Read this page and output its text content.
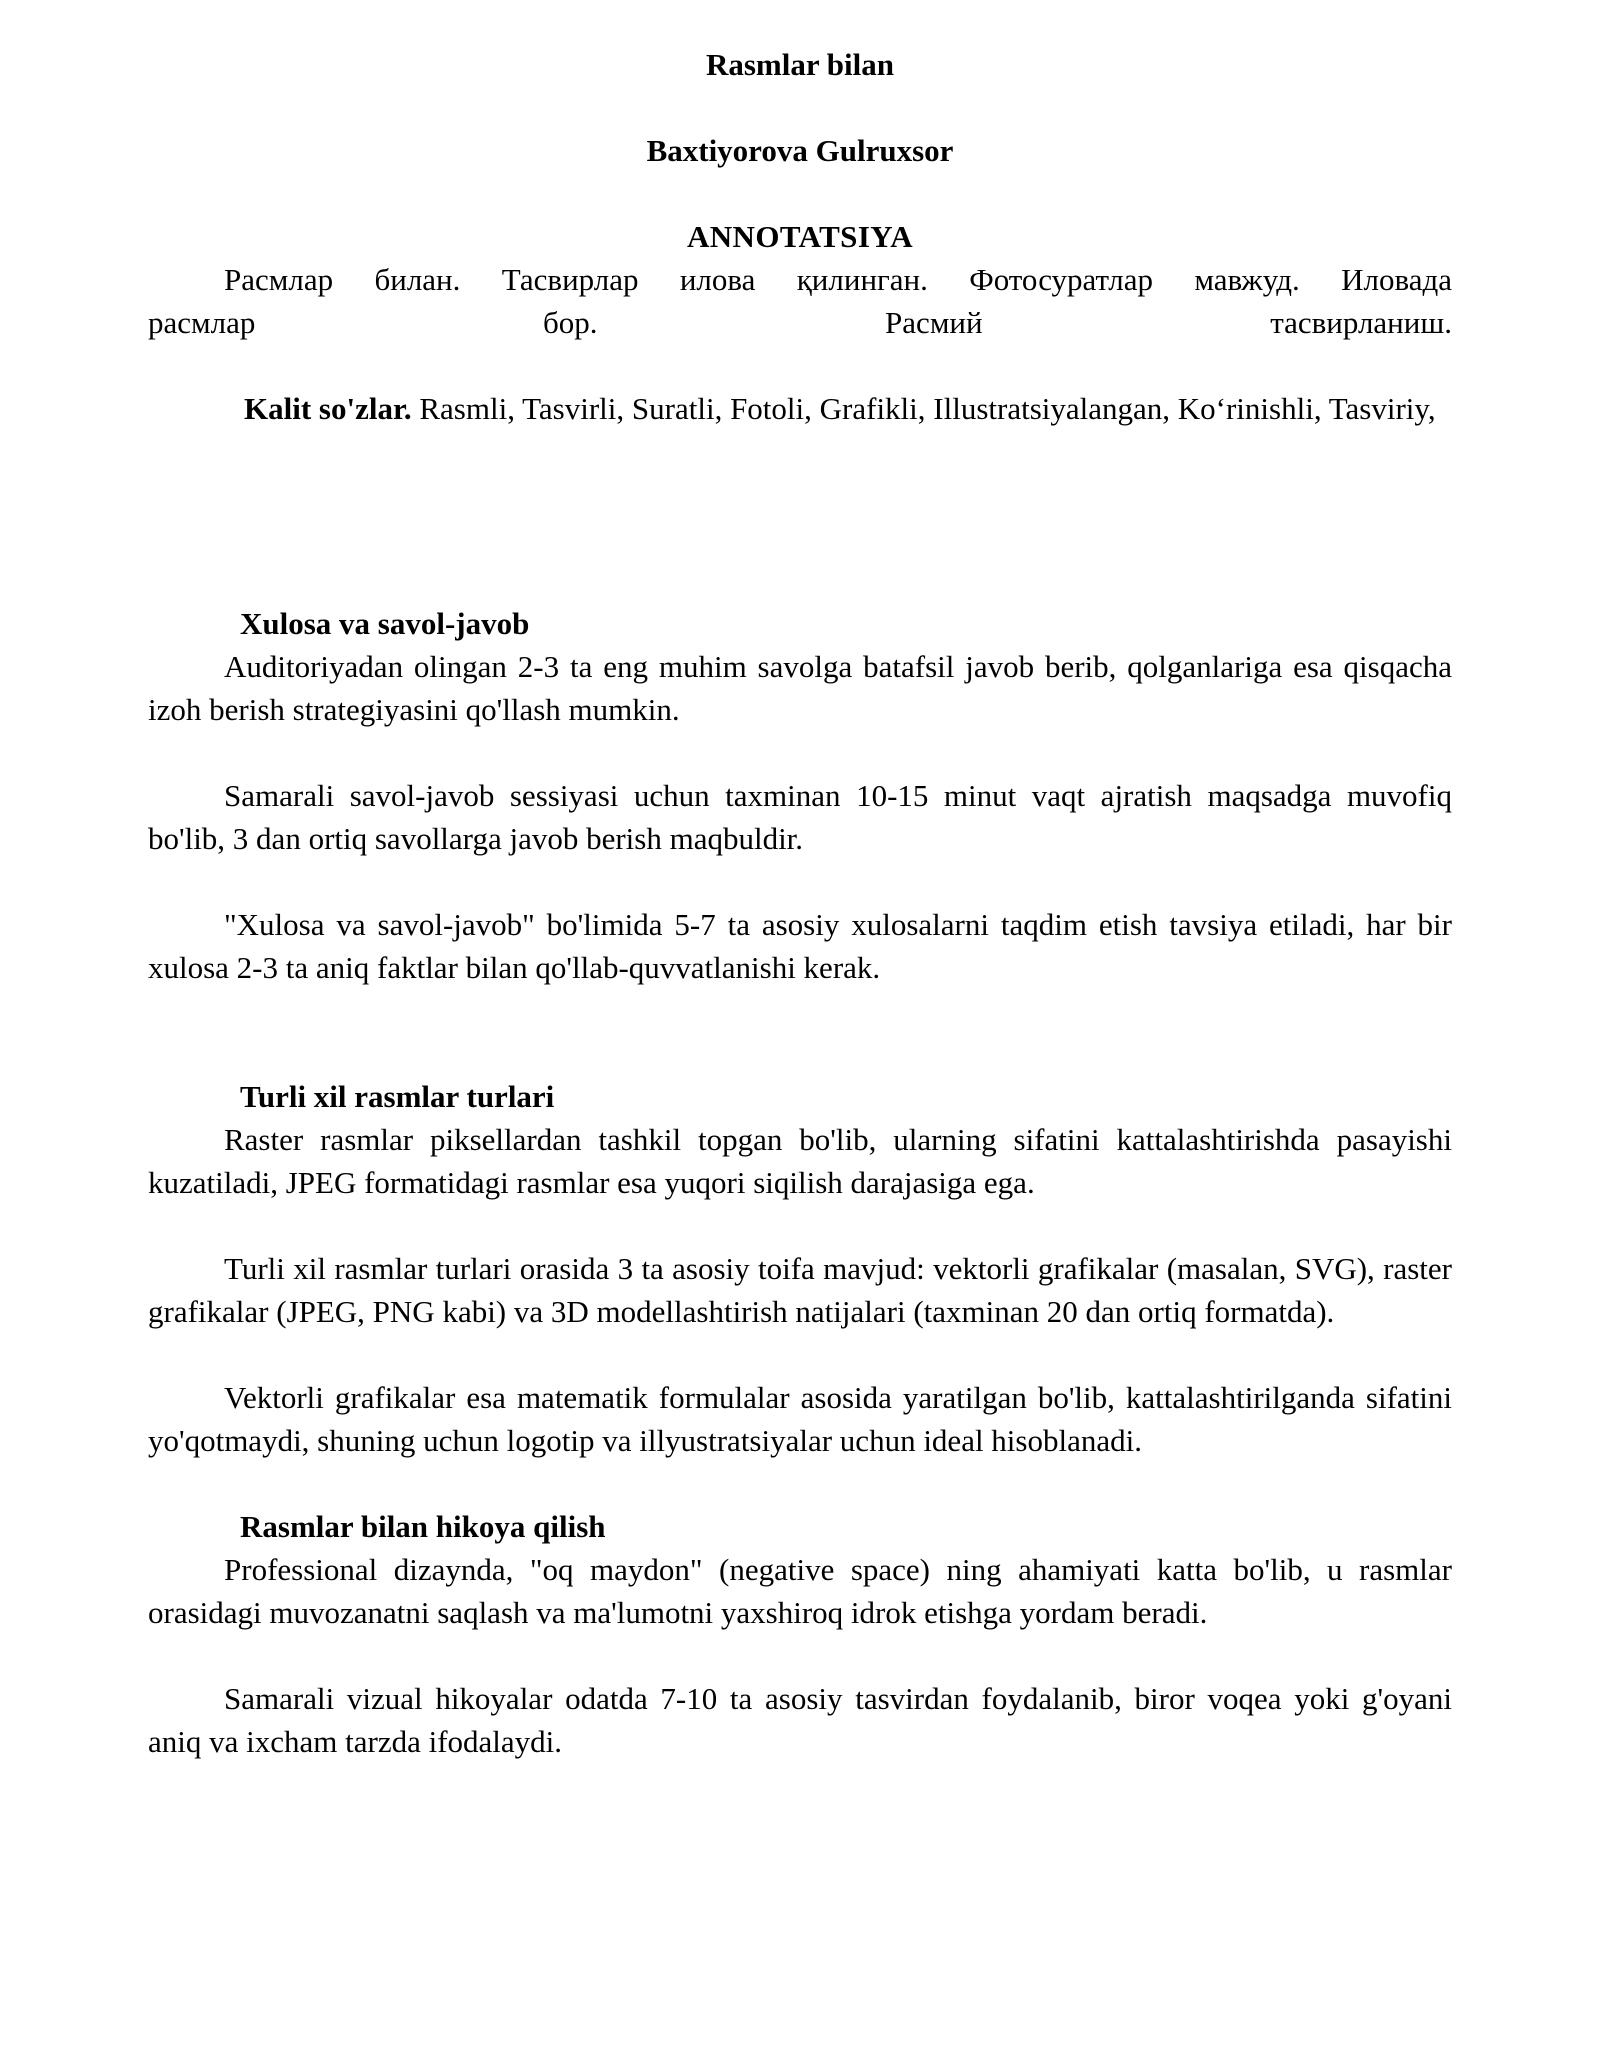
Rasmlar bilan

Baxtiyorova Gulruxsor

ANNOTATSIYA

Расмлар билан. Тасвирлар илова қилинган. Фотосуратлар мавжуд. Иловада
расмлар бор. Расмий тасвирланиш.

Kalit so'zlar. Rasmli, Tasvirli, Suratli, Fotoli, Grafikli, Illustratsiyalangan, Ko‘rinishli, Tasviriy,

Xulosa va savol-javob

Auditoriyadan olingan 2-3 ta eng muhim savolga batafsil javob berib, qolganlariga esa qisqacha izoh berish strategiyasini qo'llash mumkin.

Samarali savol-javob sessiyasi uchun taxminan 10-15 minut vaqt ajratish maqsadga muvofiq bo'lib, 3 dan ortiq savollarga javob berish maqbuldir.

"Xulosa va savol-javob" bo'limida 5-7 ta asosiy xulosalarni taqdim etish tavsiya etiladi, har bir xulosa 2-3 ta aniq faktlar bilan qo'llab-quvvatlanishi kerak.

Turli xil rasmlar turlari

Raster rasmlar piksellardan tashkil topgan bo'lib, ularning sifatini kattalashtirishda pasayishi kuzatiladi, JPEG formatidagi rasmlar esa yuqori siqilish darajasiga ega.

Turli xil rasmlar turlari orasida 3 ta asosiy toifa mavjud: vektorli grafikalar (masalan, SVG), raster grafikalar (JPEG, PNG kabi) va 3D modellashtirish natijalari (taxminan 20 dan ortiq formatda).

Vektorli grafikalar esa matematik formulalar asosida yaratilgan bo'lib, kattalashtirilganda sifatini yo'qotmaydi, shuning uchun logotip va illyustratsiyalar uchun ideal hisoblanadi.

Rasmlar bilan hikoya qilish

Professional dizaynda, "oq maydon" (negative space) ning ahamiyati katta bo'lib, u rasmlar orasidagi muvozanatni saqlash va ma'lumotni yaxshiroq idrok etishga yordam beradi.

Samarali vizual hikoyalar odatda 7-10 ta asosiy tasvirdan foydalanib, biror voqea yoki g'oyani aniq va ixcham tarzda ifodalaydi.
